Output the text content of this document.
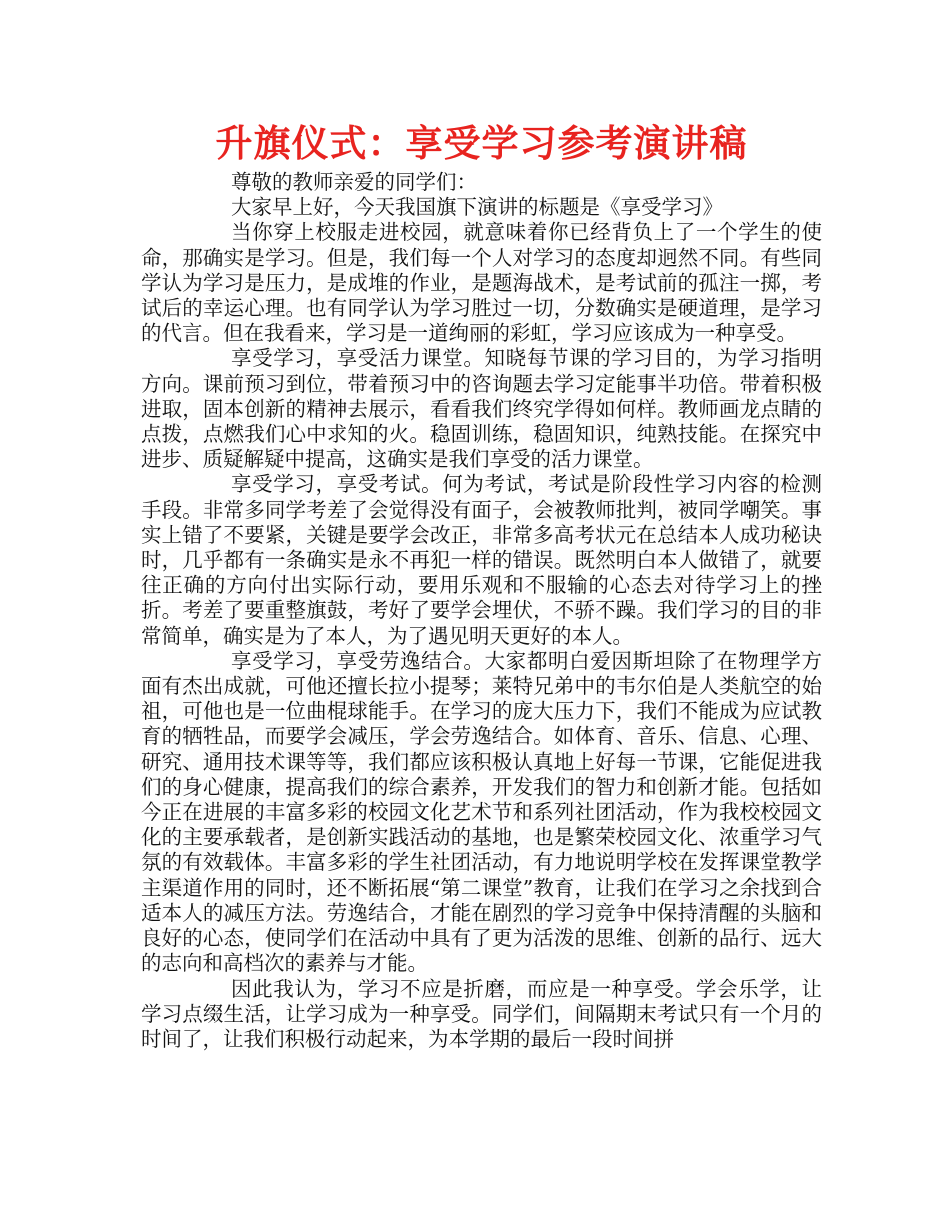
升旗仪式：享受学习参考演讲稿

尊敬的教师亲爱的同学们：

大家早上好，今天我国旗下演讲的标题是《享受学习》

当你穿上校服走进校园，就意味着你已经背负上了一个学生的使命，那确实是学习。但是，我们每一个人对学习的态度却迥然不同。有些同学认为学习是压力，是成堆的作业，是题海战术，是考试前的孤注一掷，考试后的幸运心理。也有同学认为学习胜过一切，分数确实是硬道理，是学习的代言。但在我看来，学习是一道绚丽的彩虹，学习应该成为一种享受。

享受学习，享受活力课堂。知晓每节课的学习目的，为学习指明方向。课前预习到位，带着预习中的咨询题去学习定能事半功倍。带着积极进取，固本创新的精神去展示，看看我们终究学得如何样。教师画龙点睛的点拨，点燃我们心中求知的火。稳固训练，稳固知识，纯熟技能。在探究中进步、质疑解疑中提高，这确实是我们享受的活力课堂。

享受学习，享受考试。何为考试，考试是阶段性学习内容的检测手段。非常多同学考差了会觉得没有面子，会被教师批判，被同学嘲笑。事实上错了不要紧，关键是要学会改正，非常多高考状元在总结本人成功秘诀时，几乎都有一条确实是永不再犯一样的错误。既然明白本人做错了，就要往正确的方向付出实际行动，要用乐观和不服输的心态去对待学习上的挫折。考差了要重整旗鼓，考好了要学会埋伏，不骄不躁。我们学习的目的非常简单，确实是为了本人，为了遇见明天更好的本人。

享受学习，享受劳逸结合。大家都明白爱因斯坦除了在物理学方面有杰出成就，可他还擅长拉小提琴；莱特兄弟中的韦尔伯是人类航空的始祖，可他也是一位曲棍球能手。在学习的庞大压力下，我们不能成为应试教育的牺牲品，而要学会减压，学会劳逸结合。如体育、音乐、信息、心理、研究、通用技术课等等，我们都应该积极认真地上好每一节课，它能促进我们的身心健康，提高我们的综合素养，开发我们的智力和创新才能。包括如今正在进展的丰富多彩的校园文化艺术节和系列社团活动，作为我校校园文化的主要承载者，是创新实践活动的基地，也是繁荣校园文化、浓重学习气氛的有效载体。丰富多彩的学生社团活动，有力地说明学校在发挥课堂教学主渠道作用的同时，还不断拓展“第二课堂”教育，让我们在学习之余找到合适本人的减压方法。劳逸结合，才能在剧烈的学习竞争中保持清醒的头脑和良好的心态，使同学们在活动中具有了更为活泼的思维、创新的品行、远大的志向和高档次的素养与才能。

因此我认为，学习不应是折磨，而应是一种享受。学会乐学，让学习点缀生活，让学习成为一种享受。同学们，间隔期末考试只有一个月的时间了，让我们积极行动起来，为本学期的最后一段时间拼
